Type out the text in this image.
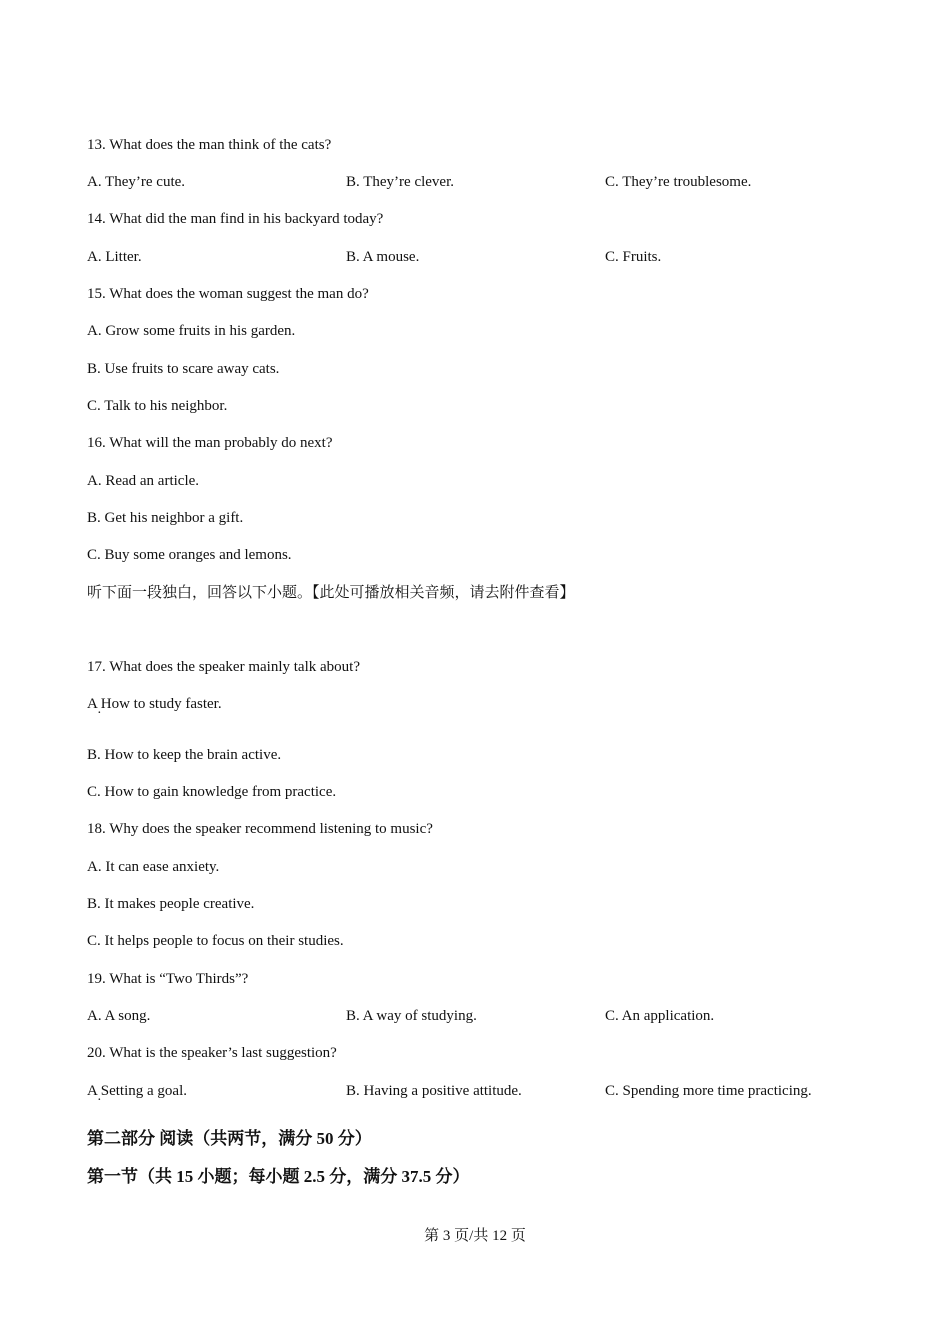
13. What does the man think of the cats?
A. They’re cute.	B. They’re clever.	C. They’re troublesome.
14. What did the man find in his backyard today?
A. Litter.	B. A mouse.	C. Fruits.
15. What does the woman suggest the man do?
A. Grow some fruits in his garden.
B. Use fruits to scare away cats.
C. Talk to his neighbor.
16. What will the man probably do next?
A. Read an article.
B. Get his neighbor a gift.
C. Buy some oranges and lemons.
听下面一段独白，回答以下小题。【此处可播放相关音频，请去附件查看】
17. What does the speaker mainly talk about?
A How to study faster. ·
B. How to keep the brain active.
C. How to gain knowledge from practice.
18. Why does the speaker recommend listening to music?
A. It can ease anxiety.
B. It makes people creative.
C. It helps people to focus on their studies.
19. What is “Two Thirds”?
A. A song.	B. A way of studying.	C. An application.
20. What is the speaker’s last suggestion?
A Setting a goal. ·	B. Having a positive attitude.	C. Spending more time practicing.
第二部分 阅读（共两节，满分 50 分）
第一节（共 15 小题；每小题 2.5 分，满分 37.5 分）
第 3 页/共 12 页
